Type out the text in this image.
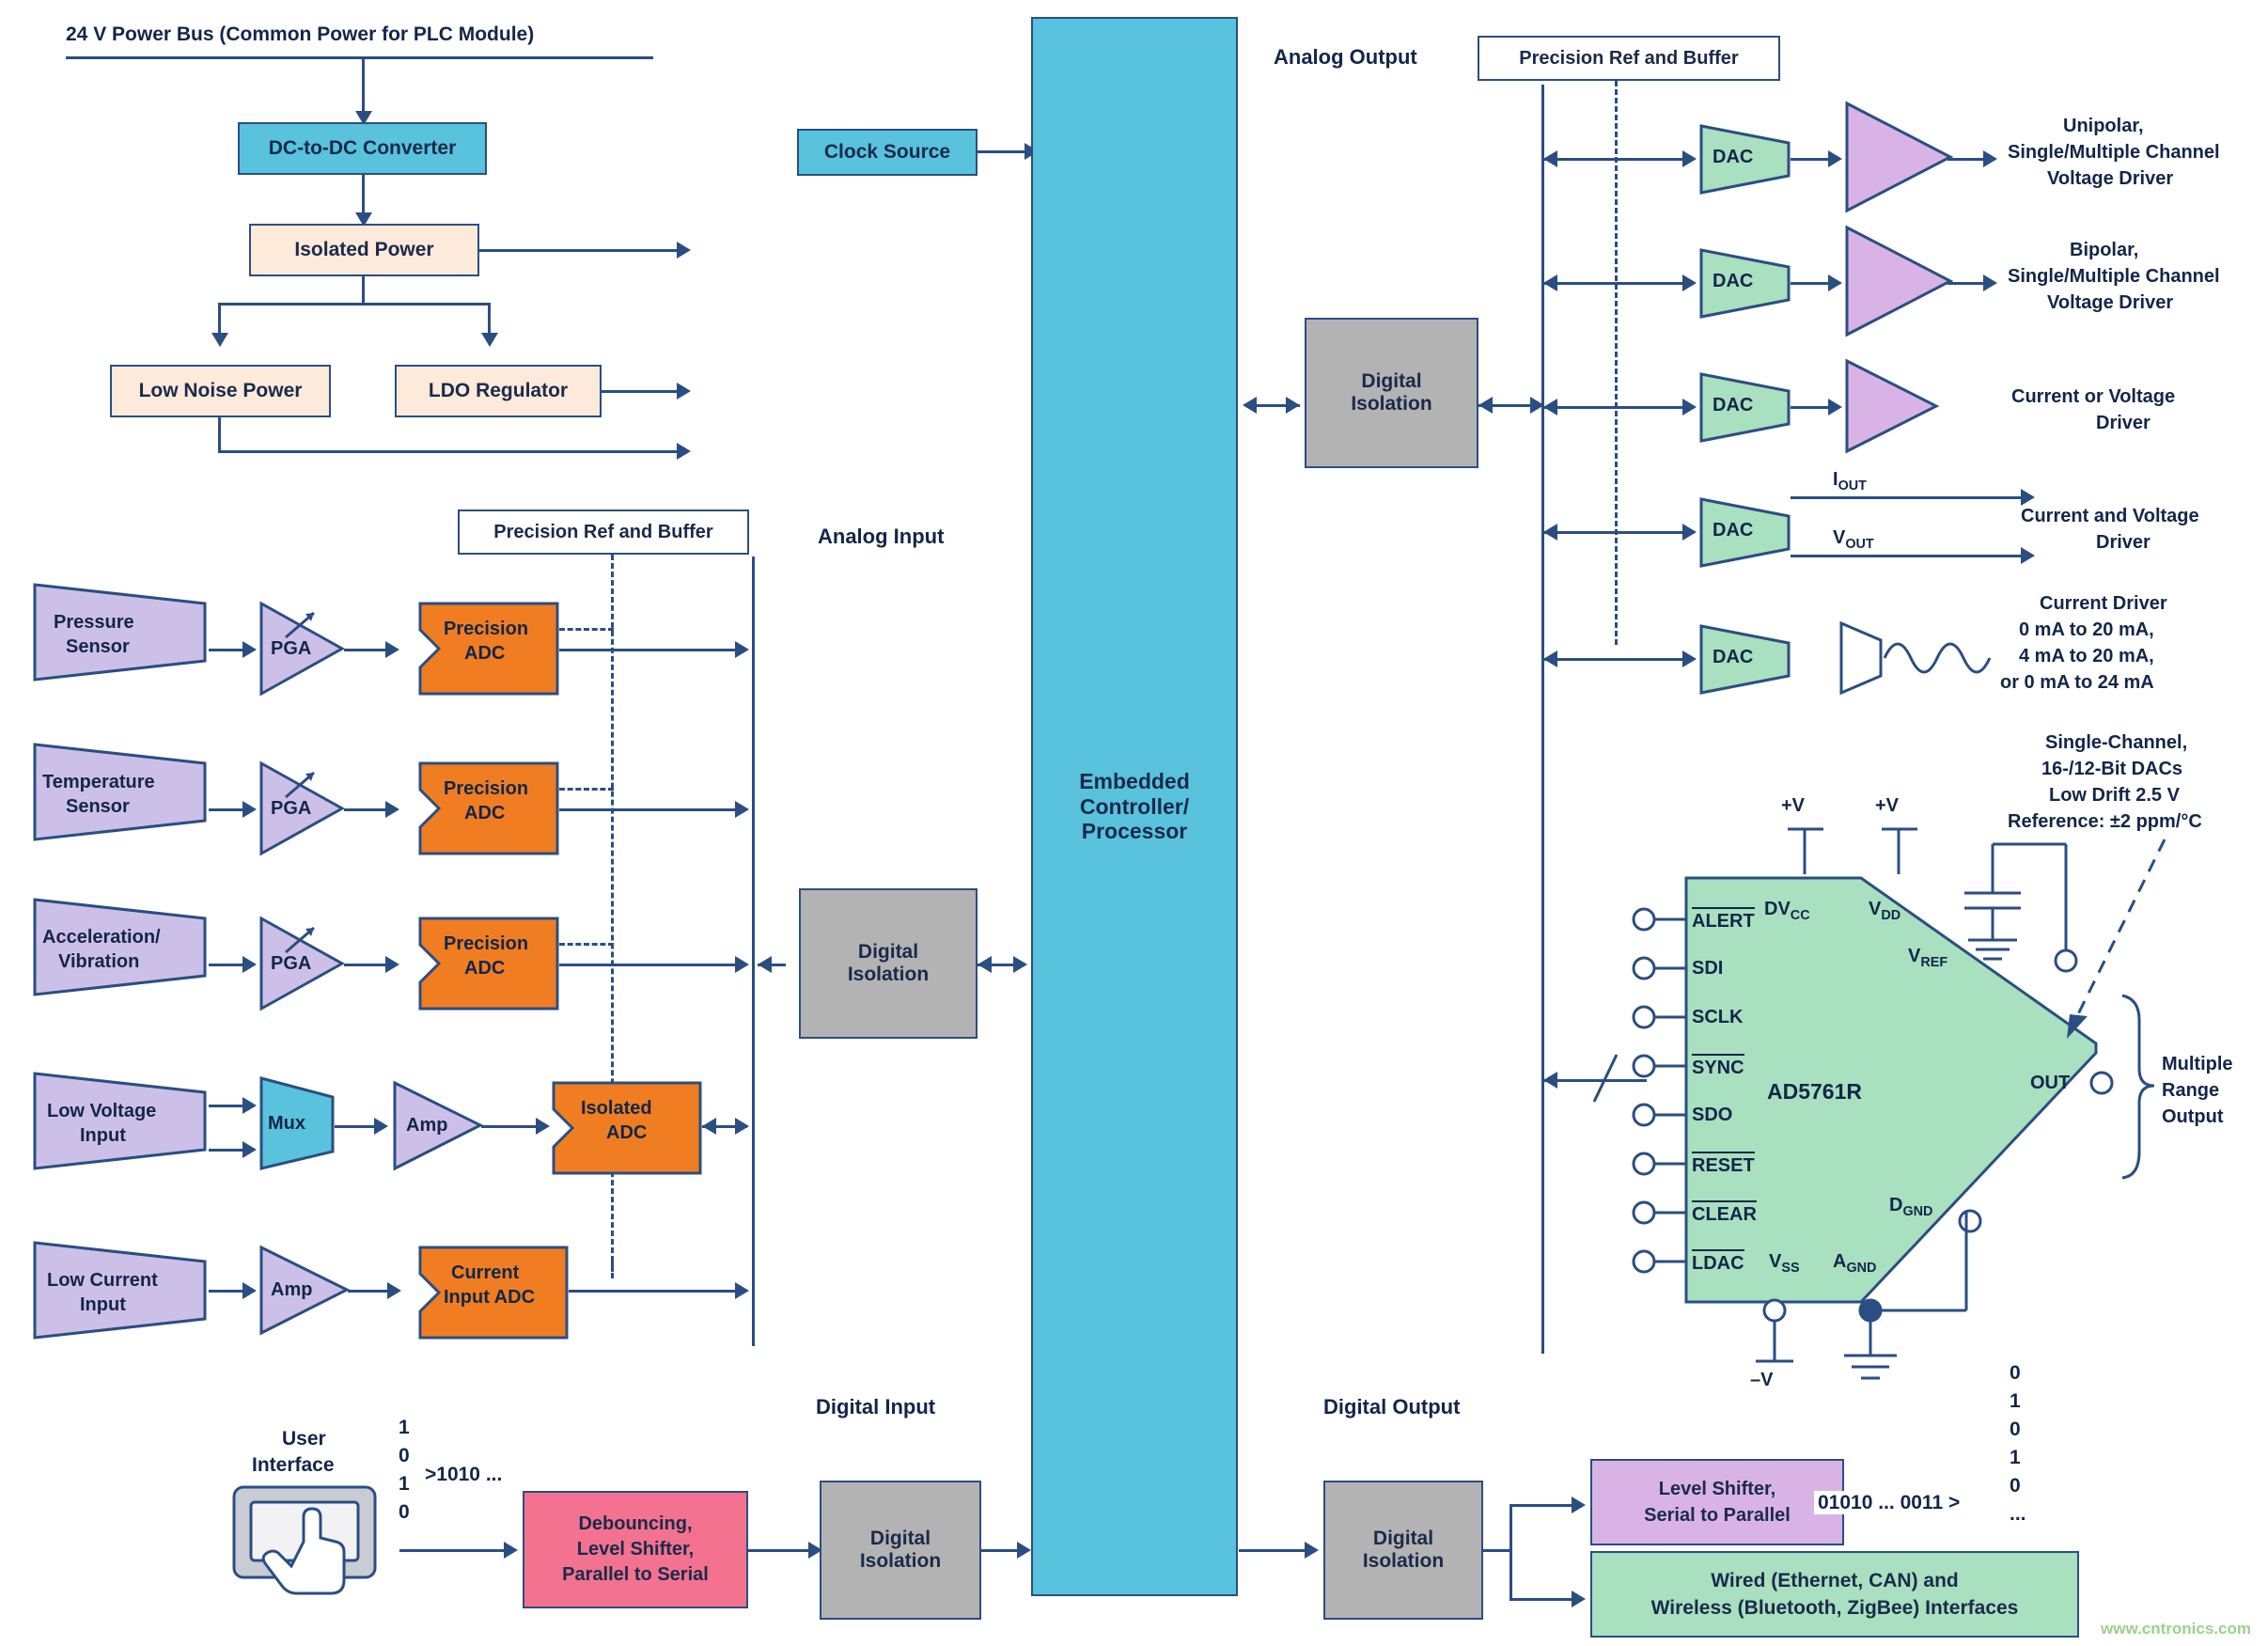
24 V Power Bus (Common Power for PLC Module)
DC-to-DC Converter
Isolated Power
Low Noise Power	LDO Regulator
Clock Source
Embedded
Controller/
Processor
Analog Input
Precision Ref and Buffer
Pressure
Sensor	PGA
Precision
ADC
Temperature
Sensor	PGA
Precision
ADC
Acceleration/
Vibration	PGA
Precision
ADC
Digital
Isolation
Low Voltage
Input
Mux	Amp
Isolated
ADC
Low Current
Input
Amp
Current
Input ADC
Analog Output	Precision Ref and Buffer
Digital
Isolation
DAC
Unipolar,
Single/Multiple Channel
Voltage Driver
DAC
Bipolar,
Single/Multiple Channel
Voltage Driver
DAC	Current or Voltage
Driver
DAC
$I_{OUT}$
$V_{OUT}$
Current and Voltage
Driver
DAC
Current Driver
0 mA to 20 mA,
4 mA to 20 mA,
or 0 mA to 24 mA
Single-Channel,
16-/12-Bit DACs
Low Drift 2.5 V
Reference: ±2 ppm/°C
AD5761R
ALERT
SDI
SCLK
SYNC
SDO
RESET
CLEAR
LDAC
+V	+V
$DV_{CC}$	$V_{DD}$
$V_{REF}$
OUT
Multiple
Range
Output
$D_{GND}$
$V_{SS}$ $A_{GND}$
–V
Digital Input
User
Interface
1
0
1
0
>1010 ...
Debouncing,
Level Shifter,
Parallel to Serial
Digital
Isolation
Digital Output
Digital
Isolation
Level Shifter,
Serial to Parallel
01010 ... 0011 >
0
1
0
1
0
...
Wired (Ethernet, CAN) and
Wireless (Bluetooth, ZigBee) Interfaces
www.cntronics.com
